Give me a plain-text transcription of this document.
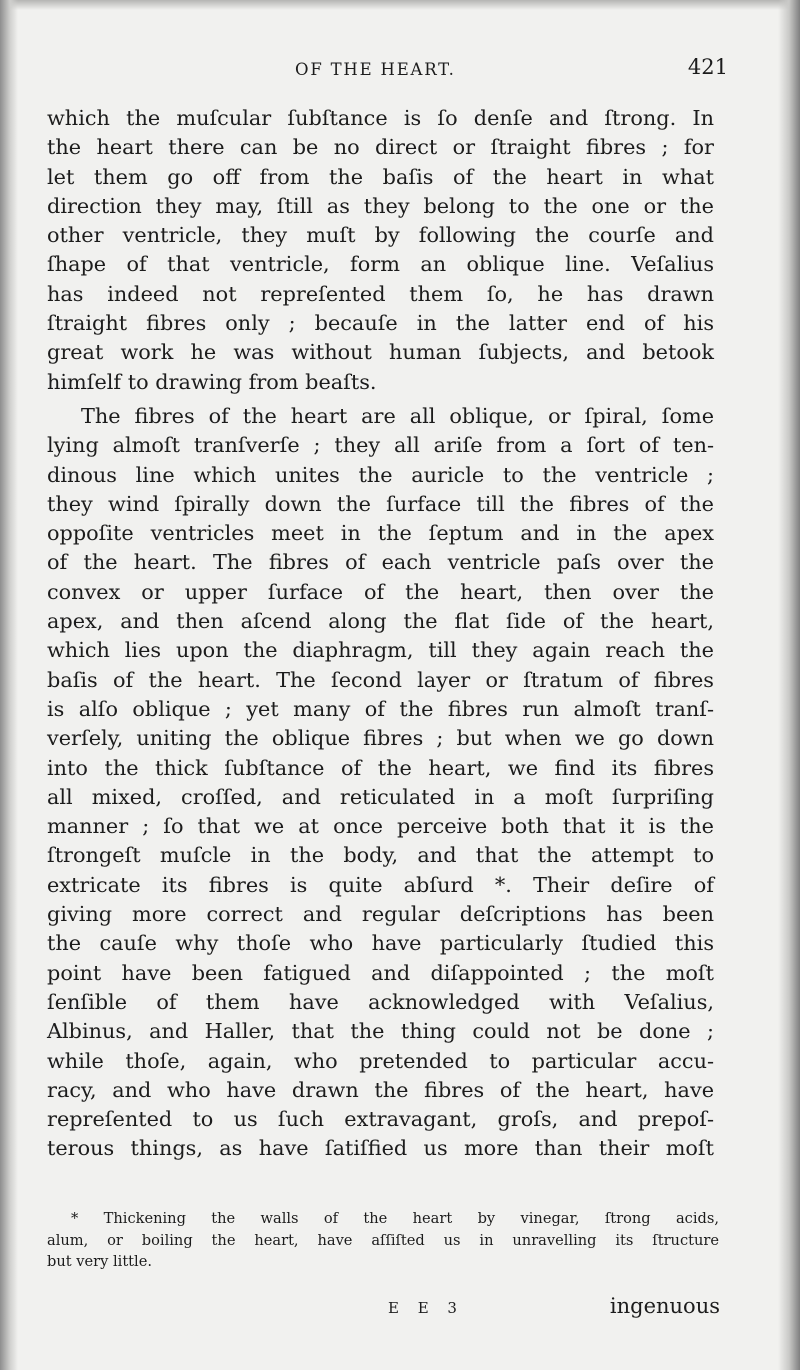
OF THE HEART.	421
which the muſcular ſubſtance is ſo denſe and ſtrong. In
the heart there can be no direct or ſtraight fibres ; for
let them go off from the baſis of the heart in what
direction they may, ſtill as they belong to the one or the
other ventricle, they muſt by following the courſe and
ſhape of that ventricle, form an oblique line. Veſalius
has indeed not repreſented them ſo, he has drawn
ſtraight fibres only ; becauſe in the latter end of his
great work he was without human ſubjects, and betook
himſelf to drawing from beaſts.
The fibres of the heart are all oblique, or ſpiral, ſome
lying almoſt tranſverſe ; they all ariſe from a ſort of ten-
dinous line which unites the auricle to the ventricle ;
they wind ſpirally down the ſurface till the fibres of the
oppoſite ventricles meet in the ſeptum and in the apex
of the heart. The fibres of each ventricle paſs over the
convex or upper ſurface of the heart, then over the
apex, and then aſcend along the flat ſide of the heart,
which lies upon the diaphragm, till they again reach the
baſis of the heart. The ſecond layer or ſtratum of fibres
is alſo oblique ; yet many of the fibres run almoſt tranſ-
verſely, uniting the oblique fibres ; but when we go down
into the thick ſubſtance of the heart, we find its fibres
all mixed, croſſed, and reticulated in a moſt ſurpriſing
manner ; ſo that we at once perceive both that it is the
ſtrongeſt muſcle in the body, and that the attempt to
extricate its fibres is quite abſurd *. Their deſire of
giving more correct and regular deſcriptions has been
the cauſe why thoſe who have particularly ſtudied this
point have been fatigued and diſappointed ; the moſt
ſenſible of them have acknowledged with Veſalius,
Albinus, and Haller, that the thing could not be done ;
while thoſe, again, who pretended to particular accu-
racy, and who have drawn the fibres of the heart, have
repreſented to us ſuch extravagant, groſs, and prepoſ-
terous things, as have ſatiſfied us more than their moſt
* Thickening the walls of the heart by vinegar, ſtrong acids,
alum, or boiling the heart, have aſſiſted us in unravelling its ſtructure
but very little.
E E 3	ingenuous
